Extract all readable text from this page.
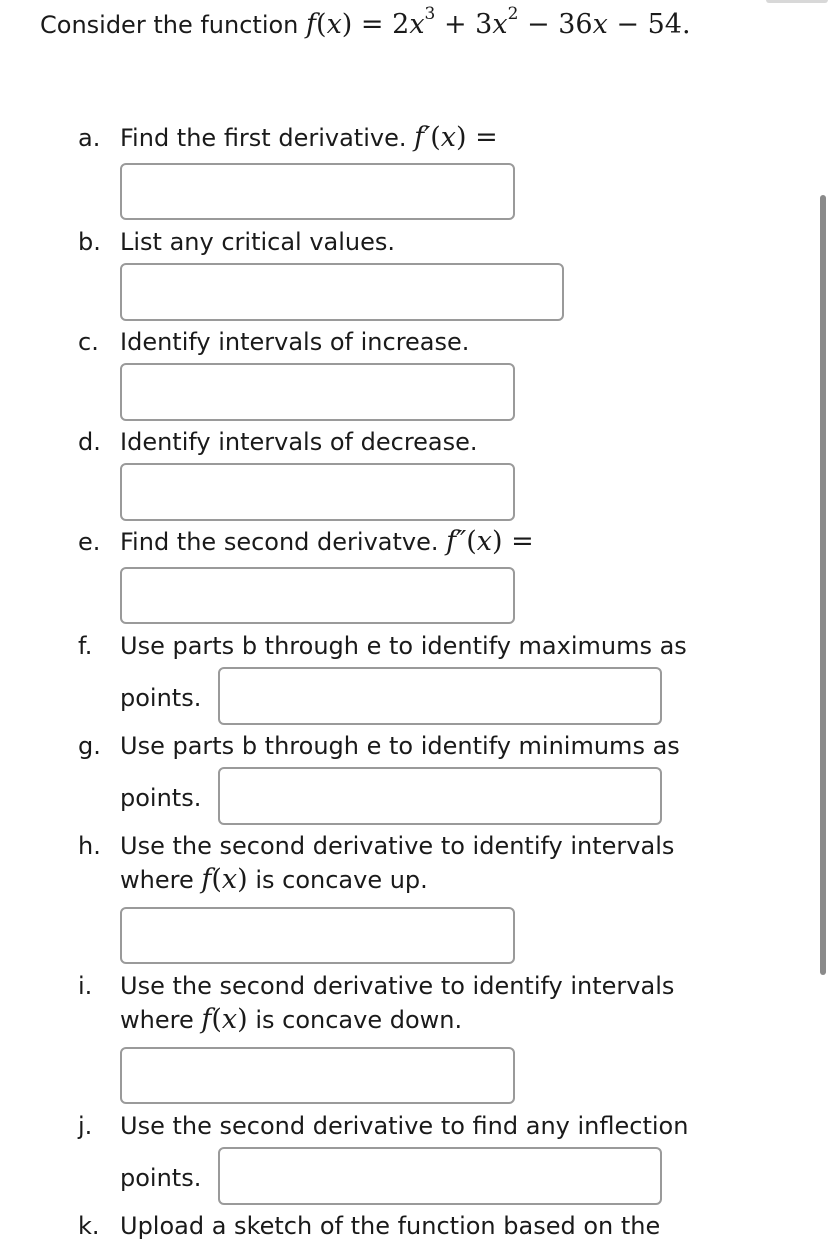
Consider the function $f(x) = 2x^3 + 3x^2 - 36x - 54$.
a. Find the first derivative. f′(x) =
b. List any critical values.
c. Identify intervals of increase.
d. Identify intervals of decrease.
e. Find the second derivatve. f″(x) =
f. Use parts b through e to identify maximums as
points.
g. Use parts b through e to identify minimums as
points.
h. Use the second derivative to identify intervals
where f(x) is concave up.
i. Use the second derivative to identify intervals
where f(x) is concave down.
j. Use the second derivative to find any inflection
points.
k. Upload a sketch of the function based on the
